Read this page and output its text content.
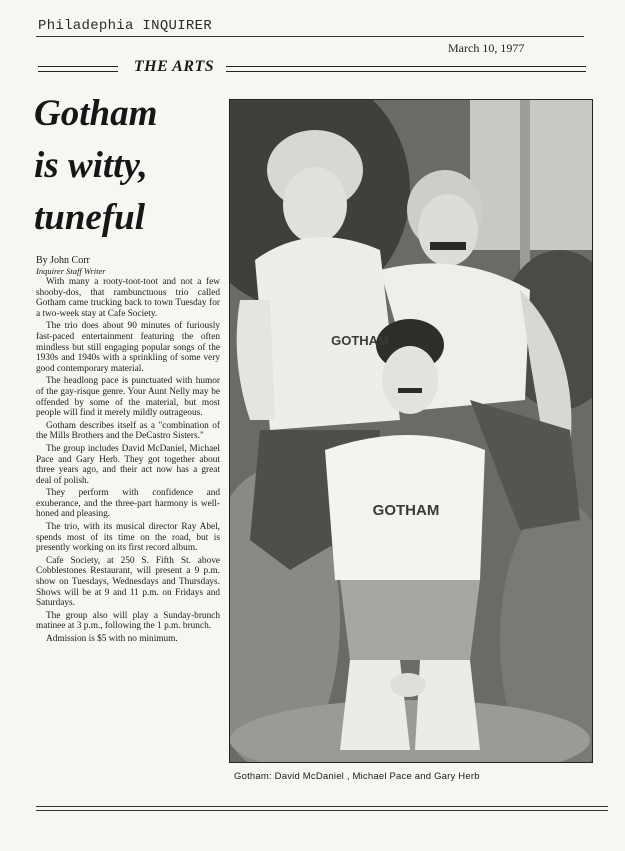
Philadephia INQUIRER
March 10, 1977
THE ARTS
Gotham
is witty,
tuneful
By John Corr
Inquirer Staff Writer

With many a rooty-toot-toot and not a few shooby-dos, that rambunctuous trio called Gotham came trucking back to town Tuesday for a two-week stay at Cafe Society.

The trio does about 90 minutes of furiously fast-paced entertainment featuring the often mindless but still engaging popular songs of the 1930s and 1940s with a sprinkling of some very good contemporary material.

The headlong pace is punctuated with humor of the gay-risque genre. Your Aunt Nelly may be offended by some of the material, but most people will find it merely mildly outrageous.

Gotham describes itself as a "combination of the Mills Brothers and the DeCastro Sisters."

The group includes David McDaniel, Michael Pace and Gary Herb. They got together about three years ago, and their act now has a great deal of polish.

They perform with confidence and exuberance, and the three-part harmony is well-honed and pleasing.

The trio, with its musical director Ray Abel, spends most of its time on the road, but is presently working on its first record album.

Cafe Society, at 250 S. Fifth St. above Cobblestones Restaurant, will present a 9 p.m. show on Tuesdays, Wednesdays and Thursdays. Shows will be at 9 and 11 p.m. on Fridays and Saturdays.

The group also will play a Sunday-brunch matinee at 3 p.m., following the 1 p.m. brunch.

Admission is $5 with no minimum.

GOTHAM
GOTHAM
Gotham: David McDaniel , Michael Pace and Gary Herb
